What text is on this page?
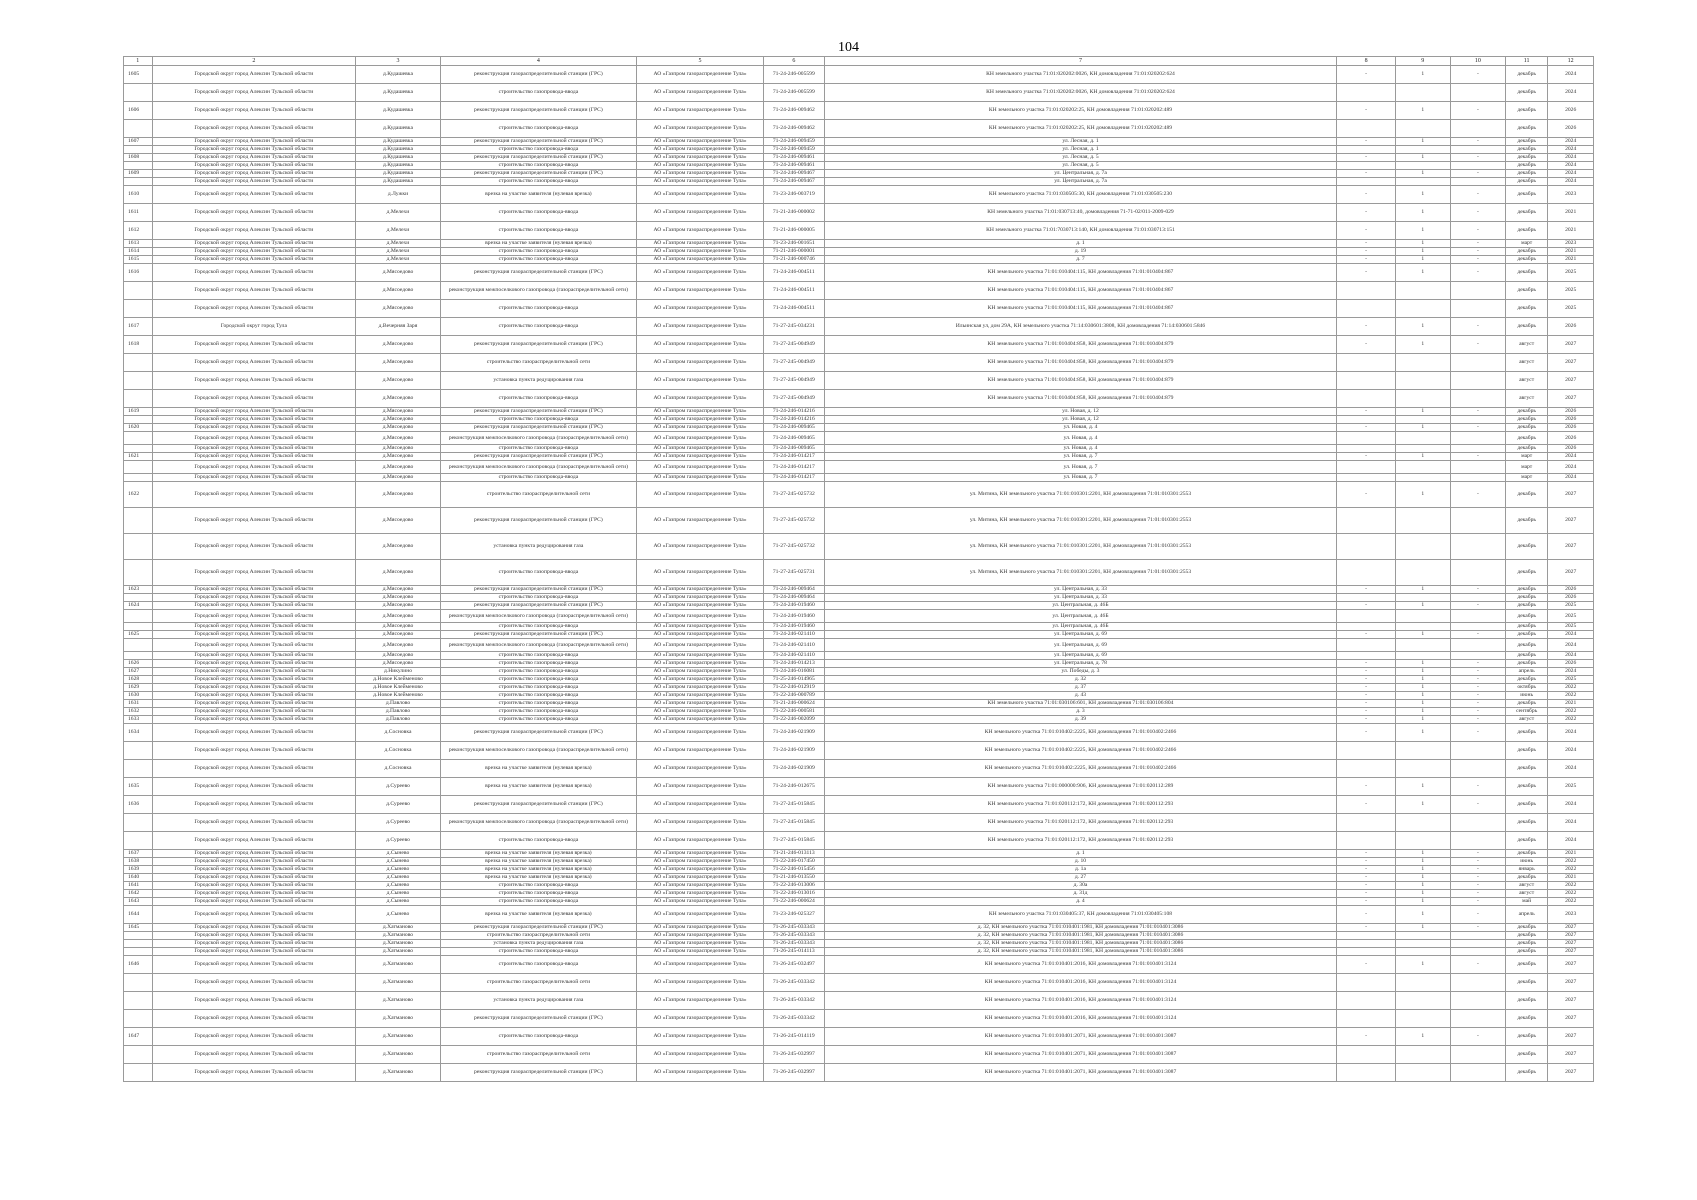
104
1	2	3	4	5	6	7	8	9	10	11	12
1605	Городской округ город Алексин Тульской области	д.Кудашевка	реконструкция газораспределительной станции (ГРС)	АО «Газпром газораспределение Тула»	71-24-246-005599	КН земельного участка 71:01:020202:0026, КН домовладения 71:01:020202:624	-	1	-	декабрь	2024
	Городской округ город Алексин Тульской области	д.Кудашевка	строительство газопровода-ввода	АО «Газпром газораспределение Тула»	71-24-246-005599	КН земельного участка 71:01:020202:0026, КН домовладения 71:01:020202:624				декабрь	2024
1606	Городской округ город Алексин Тульской области	д.Кудашевка	реконструкция газораспределительной станции (ГРС)	АО «Газпром газораспределение Тула»	71-24-246-009462	КН земельного участка 71:01:020202:25, КН домовладения 71:01:020202:489	-	1	-	декабрь	2026
	Городской округ город Алексин Тульской области	д.Кудашевка	строительство газопровода-ввода	АО «Газпром газораспределение Тула»	71-24-246-009462	КН земельного участка 71:01:020202:25, КН домовладения 71:01:020202:489				декабрь	2026
1607	Городской округ город Алексин Тульской области	д.Кудашевка	реконструкция газораспределительной станции (ГРС)	АО «Газпром газораспределение Тула»	71-24-246-009459	ул. Лесная, д. 1	-	1	-	декабрь	2024
	Городской округ город Алексин Тульской области	д.Кудашевка	строительство газопровода-ввода	АО «Газпром газораспределение Тула»	71-24-246-009459	ул. Лесная, д. 1				декабрь	2024
1608	Городской округ город Алексин Тульской области	д.Кудашевка	реконструкция газораспределительной станции (ГРС)	АО «Газпром газораспределение Тула»	71-24-246-009461	ул. Лесная, д. 5	-	1	-	декабрь	2024
	Городской округ город Алексин Тульской области	д.Кудашевка	строительство газопровода-ввода	АО «Газпром газораспределение Тула»	71-24-246-009461	ул. Лесная, д. 5				декабрь	2024
1609	Городской округ город Алексин Тульской области	д.Кудашевка	реконструкция газораспределительной станции (ГРС)	АО «Газпром газораспределение Тула»	71-24-246-009467	ул. Центральная, д. 7а	-	1	-	декабрь	2024
	Городской округ город Алексин Тульской области	д.Кудашевка	строительство газопровода-ввода	АО «Газпром газораспределение Тула»	71-24-246-009467	ул. Центральная, д. 7а				декабрь	2024
1610	Городской округ город Алексин Тульской области	д.Лужки	врезка на участке заявителя (нулевая врезка)	АО «Газпром газораспределение Тула»	71-23-246-003719	КН земельного участка 71:01:030505:30, КН домовладения 71:01:030505:230	-	1	-	декабрь	2023
1611	Городской округ город Алексин Тульской области	д.Мелехи	строительство газопровода-ввода	АО «Газпром газораспределение Тула»	71-21-246-000002	КН земельного участка 71:01:030713:40, домовладения 71-71-02/011-2009-029	-	1	-	декабрь	2021
1612	Городской округ город Алексин Тульской области	д.Мелехи	строительство газопровода-ввода	АО «Газпром газораспределение Тула»	71-21-246-000005	КН земельного участка 71:01:7030713:140, КН домовладения 71:01:030713:151	-	1	-	декабрь	2021
1613	Городской округ город Алексин Тульской области	д.Мелехи	врезка на участке заявителя (нулевая врезка)	АО «Газпром газораспределение Тула»	71-23-246-001651	д. 1	-	1	-	март	2023
1614	Городской округ город Алексин Тульской области	д.Мелехи	строительство газопровода-ввода	АО «Газпром газораспределение Тула»	71-21-246-000001	д. 19	-	1	-	декабрь	2021
1615	Городской округ город Алексин Тульской области	д.Мелехи	строительство газопровода-ввода	АО «Газпром газораспределение Тула»	71-21-246-000746	д. 7	-	1	-	декабрь	2021
1616	Городской округ город Алексин Тульской области	д.Мясоедово	реконструкция газораспределительной станции (ГРС)	АО «Газпром газораспределение Тула»	71-24-246-004511	КН земельного участка 71:01:010404:115, КН домовладения 71:01:010404:867	-	1	-	декабрь	2025
	Городской округ город Алексин Тульской области	д.Мясоедово	реконструкция межпоселкового газопровода (газораспределительной сети)	АО «Газпром газораспределение Тула»	71-24-246-004511	КН земельного участка 71:01:010404:115, КН домовладения 71:01:010404:867				декабрь	2025
	Городской округ город Алексин Тульской области	д.Мясоедово	строительство газопровода-ввода	АО «Газпром газораспределение Тула»	71-24-246-004511	КН земельного участка 71:01:010404:115, КН домовладения 71:01:010404:867				декабрь	2025
1617	Городской округ город Тула	д.Вечерняя Заря	строительство газопровода-ввода	АО «Газпром газораспределение Тула»	71-27-245-034231	Ильинская ул, дом 29А, КН земельного участка 71:14:030601:3808, КН домовладения 71:14:030601:5846	-	1	-	декабрь	2026
1618	Городской округ город Алексин Тульской области	д.Мясоедово	реконструкция газораспределительной станции (ГРС)	АО «Газпром газораспределение Тула»	71-27-245-004949	КН земельного участка 71:01:010404:858, КН домовладения 71:01:010404:879	-	1	-	август	2027
	Городской округ город Алексин Тульской области	д.Мясоедово	строительство газораспределительной сети	АО «Газпром газораспределение Тула»	71-27-245-004949	КН земельного участка 71:01:010404:858, КН домовладения 71:01:010404:879				август	2027
	Городской округ город Алексин Тульской области	д.Мясоедово	установка пункта редуцирования газа	АО «Газпром газораспределение Тула»	71-27-245-004949	КН земельного участка 71:01:010404:858, КН домовладения 71:01:010404:879				август	2027
	Городской округ город Алексин Тульской области	д.Мясоедово	строительство газопровода-ввода	АО «Газпром газораспределение Тула»	71-27-245-004949	КН земельного участка 71:01:010404:858, КН домовладения 71:01:010404:879				август	2027
1619	Городской округ город Алексин Тульской области	д.Мясоедово	реконструкция газораспределительной станции (ГРС)	АО «Газпром газораспределение Тула»	71-24-246-014216	ул. Новая, д. 12	-	1	-	декабрь	2026
	Городской округ город Алексин Тульской области	д.Мясоедово	строительство газопровода-ввода	АО «Газпром газораспределение Тула»	71-24-246-014216	ул. Новая, д. 12				декабрь	2026
1620	Городской округ город Алексин Тульской области	д.Мясоедово	реконструкция газораспределительной станции (ГРС)	АО «Газпром газораспределение Тула»	71-24-246-009465	ул. Новая, д. 4	-	1	-	декабрь	2026
	Городской округ город Алексин Тульской области	д.Мясоедово	реконструкция межпоселкового газопровода (газораспределительной сети)	АО «Газпром газораспределение Тула»	71-24-246-009465	ул. Новая, д. 4				декабрь	2026
	Городской округ город Алексин Тульской области	д.Мясоедово	строительство газопровода-ввода	АО «Газпром газораспределение Тула»	71-24-246-009465	ул. Новая, д. 4				декабрь	2026
1621	Городской округ город Алексин Тульской области	д.Мясоедово	реконструкция газораспределительной станции (ГРС)	АО «Газпром газораспределение Тула»	71-24-246-014217	ул. Новая, д. 7	-	1	-	март	2024
	Городской округ город Алексин Тульской области	д.Мясоедово	реконструкция межпоселкового газопровода (газораспределительной сети)	АО «Газпром газораспределение Тула»	71-24-246-014217	ул. Новая, д. 7				март	2024
	Городской округ город Алексин Тульской области	д.Мясоедово	строительство газопровода-ввода	АО «Газпром газораспределение Тула»	71-24-246-014217	ул. Новая, д. 7				март	2024
1622	Городской округ город Алексин Тульской области	д.Мясоедово	строительство газораспределительной сети	АО «Газпром газораспределение Тула»	71-27-245-025732	ул. Митина, КН земельного участка 71:01:010301:2201, КН домовладения 71:01:010301:2553	-	1	-	декабрь	2027
	Городской округ город Алексин Тульской области	д.Мясоедово	реконструкция газораспределительной станции (ГРС)	АО «Газпром газораспределение Тула»	71-27-245-025732	ул. Митина, КН земельного участка 71:01:010301:2201, КН домовладения 71:01:010301:2553				декабрь	2027
	Городской округ город Алексин Тульской области	д.Мясоедово	установка пункта редуцирования газа	АО «Газпром газораспределение Тула»	71-27-245-025732	ул. Митина, КН земельного участка 71:01:010301:2201, КН домовладения 71:01:010301:2553				декабрь	2027
	Городской округ город Алексин Тульской области	д.Мясоедово	строительство газопровода-ввода	АО «Газпром газораспределение Тула»	71-27-245-025731	ул. Митина, КН земельного участка 71:01:010301:2201, КН домовладения 71:01:010301:2553				декабрь	2027
1623	Городской округ город Алексин Тульской области	д.Мясоедово	реконструкция газораспределительной станции (ГРС)	АО «Газпром газораспределение Тула»	71-24-246-009464	ул. Центральная, д. 33	-	1	-	декабрь	2026
	Городской округ город Алексин Тульской области	д.Мясоедово	строительство газопровода-ввода	АО «Газпром газораспределение Тула»	71-24-246-009464	ул. Центральная, д. 33				декабрь	2026
1624	Городской округ город Алексин Тульской области	д.Мясоедово	реконструкция газораспределительной станции (ГРС)	АО «Газпром газораспределение Тула»	71-24-246-019460	ул. Центральная, д. 46Б	-	1	-	декабрь	2025
	Городской округ город Алексин Тульской области	д.Мясоедово	реконструкция межпоселкового газопровода (газораспределительной сети)	АО «Газпром газораспределение Тула»	71-24-246-019460	ул. Центральная, д. 46Б				декабрь	2025
	Городской округ город Алексин Тульской области	д.Мясоедово	строительство газопровода-ввода	АО «Газпром газораспределение Тула»	71-24-246-019460	ул. Центральная, д. 46Б				декабрь	2025
1625	Городской округ город Алексин Тульской области	д.Мясоедово	реконструкция газораспределительной станции (ГРС)	АО «Газпром газораспределение Тула»	71-24-246-021410	ул. Центральная, д. 69	-	1	-	декабрь	2024
	Городской округ город Алексин Тульской области	д.Мясоедово	реконструкция межпоселкового газопровода (газораспределительной сети)	АО «Газпром газораспределение Тула»	71-24-246-021410	ул. Центральная, д. 69				декабрь	2024
	Городской округ город Алексин Тульской области	д.Мясоедово	строительство газопровода-ввода	АО «Газпром газораспределение Тула»	71-24-246-021410	ул. Центральная, д. 69				декабрь	2024
1626	Городской округ город Алексин Тульской области	д.Мясоедово	строительство газопровода-ввода	АО «Газпром газораспределение Тула»	71-24-246-014213	ул. Центральная, д. 78	-	1	-	декабрь	2026
1627	Городской округ город Алексин Тульской области	д.Никулино	строительство газопровода-ввода	АО «Газпром газораспределение Тула»	71-24-246-016081	ул. Победы, д. 3	-	1	-	апрель	2024
1628	Городской округ город Алексин Тульской области	д.Новое Клейменово	строительство газопровода-ввода	АО «Газпром газораспределение Тула»	71-25-246-014965	д. 32	-	1	-	декабрь	2025
1629	Городской округ город Алексин Тульской области	д.Новое Клейменово	строительство газопровода-ввода	АО «Газпром газораспределение Тула»	71-22-246-012919	д. 37	-	1	-	октябрь	2022
1630	Городской округ город Алексин Тульской области	д.Новое Клейменово	строительство газопровода-ввода	АО «Газпром газораспределение Тула»	71-22-246-000789	д. 43	-	1	-	июнь	2022
1631	Городской округ город Алексин Тульской области	д.Павлово	строительство газопровода-ввода	АО «Газпром газораспределение Тула»	71-21-246-000624	КН земельного участка 71:01:030106:601, КН домовладения 71:01:030106:804	-	1	-	декабрь	2021
1632	Городской округ город Алексин Тульской области	д.Павлово	строительство газопровода-ввода	АО «Газпром газораспределение Тула»	71-22-246-000581	д. 3	-	1	-	сентябрь	2022
1633	Городской округ город Алексин Тульской области	д.Павлово	строительство газопровода-ввода	АО «Газпром газораспределение Тула»	71-22-246-002099	д. 39	-	1	-	август	2022
1634	Городской округ город Алексин Тульской области	д.Сосновка	реконструкция газораспределительной станции (ГРС)	АО «Газпром газораспределение Тула»	71-24-246-021909	КН земельного участка 71:01:010402:2225, КН домовладения 71:01:010402:2466	-	1	-	декабрь	2024
	Городской округ город Алексин Тульской области	д.Сосновка	реконструкция межпоселкового газопровода (газораспределительной сети)	АО «Газпром газораспределение Тула»	71-24-246-021909	КН земельного участка 71:01:010402:2225, КН домовладения 71:01:010402:2466				декабрь	2024
	Городской округ город Алексин Тульской области	д.Сосновка	врезка на участке заявителя (нулевая врезка)	АО «Газпром газораспределение Тула»	71-24-246-021909	КН земельного участка 71:01:010402:2225, КН домовладения 71:01:010402:2466				декабрь	2024
1635	Городской округ город Алексин Тульской области	д.Суреево	врезка на участке заявителя (нулевая врезка)	АО «Газпром газораспределение Тула»	71-24-246-012675	КН земельного участка 71:01:000000:906, КН домовладения 71:01:020112:289	-	1	-	декабрь	2025
1636	Городской округ город Алексин Тульской области	д.Суреево	реконструкция газораспределительной станции (ГРС)	АО «Газпром газораспределение Тула»	71-27-245-015845	КН земельного участка 71:01:020112:172, КН домовладения 71:01:020112:293	-	1	-	декабрь	2024
	Городской округ город Алексин Тульской области	д.Суреево	реконструкция межпоселкового газопровода (газораспределительной сети)	АО «Газпром газораспределение Тула»	71-27-245-015845	КН земельного участка 71:01:020112:172, КН домовладения 71:01:020112:293				декабрь	2024
	Городской округ город Алексин Тульской области	д.Суреево	строительство газопровода-ввода	АО «Газпром газораспределение Тула»	71-27-245-015845	КН земельного участка 71:01:020112:172, КН домовладения 71:01:020112:293				декабрь	2024
1637	Городской округ город Алексин Тульской области	д.Сынево	врезка на участке заявителя (нулевая врезка)	АО «Газпром газораспределение Тула»	71-21-246-013113	д. 1	-	1	-	декабрь	2021
1638	Городской округ город Алексин Тульской области	д.Сынево	врезка на участке заявителя (нулевая врезка)	АО «Газпром газораспределение Тула»	71-22-246-017450	д. 10	-	1	-	июнь	2022
1639	Городской округ город Алексин Тульской области	д.Сынево	врезка на участке заявителя (нулевая врезка)	АО «Газпром газораспределение Тула»	71-22-246-015456	д. 1а	-	1	-	январь	2022
1640	Городской округ город Алексин Тульской области	д.Сынево	врезка на участке заявителя (нулевая врезка)	АО «Газпром газораспределение Тула»	71-21-246-013550	д. 27	-	1	-	декабрь	2021
1641	Городской округ город Алексин Тульской области	д.Сынево	строительство газопровода-ввода	АО «Газпром газораспределение Тула»	71-22-246-013006	д. 30а	-	1	-	август	2022
1642	Городской округ город Алексин Тульской области	д.Сынево	строительство газопровода-ввода	АО «Газпром газораспределение Тула»	71-22-246-013016	д. 31д	-	1	-	август	2022
1643	Городской округ город Алексин Тульской области	д.Сынево	строительство газопровода-ввода	АО «Газпром газораспределение Тула»	71-22-246-000624	д. 4	-	1	-	май	2022
1644	Городской округ город Алексин Тульской области	д.Сынево	врезка на участке заявителя (нулевая врезка)	АО «Газпром газораспределение Тула»	71-23-246-025327	КН земельного участка 71:01:030405:37, КН домовладения 71:01:030405:108	-	1	-	апрель	2023
1645	Городской округ город Алексин Тульской области	д.Хатманово	реконструкция газораспределительной станции (ГРС)	АО «Газпром газораспределение Тула»	71-26-245-033343	д. 32, КН земельного участка 71:01:010401:1981, КН домовладения 71:01:010401:3086	-	1	-	декабрь	2027
	Городской округ город Алексин Тульской области	д.Хатманово	строительство газораспределительной сети	АО «Газпром газораспределение Тула»	71-26-245-033343	д. 32, КН земельного участка 71:01:010401:1981, КН домовладения 71:01:010401:3086				декабрь	2027
	Городской округ город Алексин Тульской области	д.Хатманово	установка пункта редуцирования газа	АО «Газпром газораспределение Тула»	71-26-245-033343	д. 32, КН земельного участка 71:01:010401:1981, КН домовладения 71:01:010401:3086				декабрь	2027
	Городской округ город Алексин Тульской области	д.Хатманово	строительство газопровода-ввода	АО «Газпром газораспределение Тула»	71-26-245-014113	д. 32, КН земельного участка 71:01:010401:1981, КН домовладения 71:01:010401:3086				декабрь	2027
1646	Городской округ город Алексин Тульской области	д.Хатманово	строительство газопровода-ввода	АО «Газпром газораспределение Тула»	71-26-245-032497	КН земельного участка 71:01:010401:2016, КН домовладения 71:01:010401:3124	-	1	-	декабрь	2027
	Городской округ город Алексин Тульской области	д.Хатманово	строительство газораспределительной сети	АО «Газпром газораспределение Тула»	71-26-245-033342	КН земельного участка 71:01:010401:2016, КН домовладения 71:01:010401:3124				декабрь	2027
	Городской округ город Алексин Тульской области	д.Хатманово	установка пункта редуцирования газа	АО «Газпром газораспределение Тула»	71-26-245-033342	КН земельного участка 71:01:010401:2016, КН домовладения 71:01:010401:3124				декабрь	2027
	Городской округ город Алексин Тульской области	д.Хатманово	реконструкция газораспределительной станции (ГРС)	АО «Газпром газораспределение Тула»	71-26-245-033342	КН земельного участка 71:01:010401:2016, КН домовладения 71:01:010401:3124				декабрь	2027
1647	Городской округ город Алексин Тульской области	д.Хатманово	строительство газопровода-ввода	АО «Газпром газораспределение Тула»	71-26-245-014119	КН земельного участка 71:01:010401:2071, КН домовладения 71:01:010401:3087	-	1	-	декабрь	2027
	Городской округ город Алексин Тульской области	д.Хатманово	строительство газораспределительной сети	АО «Газпром газораспределение Тула»	71-26-245-032997	КН земельного участка 71:01:010401:2071, КН домовладения 71:01:010401:3087				декабрь	2027
	Городской округ город Алексин Тульской области	д.Хатманово	реконструкция газораспределительной станции (ГРС)	АО «Газпром газораспределение Тула»	71-26-245-032997	КН земельного участка 71:01:010401:2071, КН домовладения 71:01:010401:3087				декабрь	2027
